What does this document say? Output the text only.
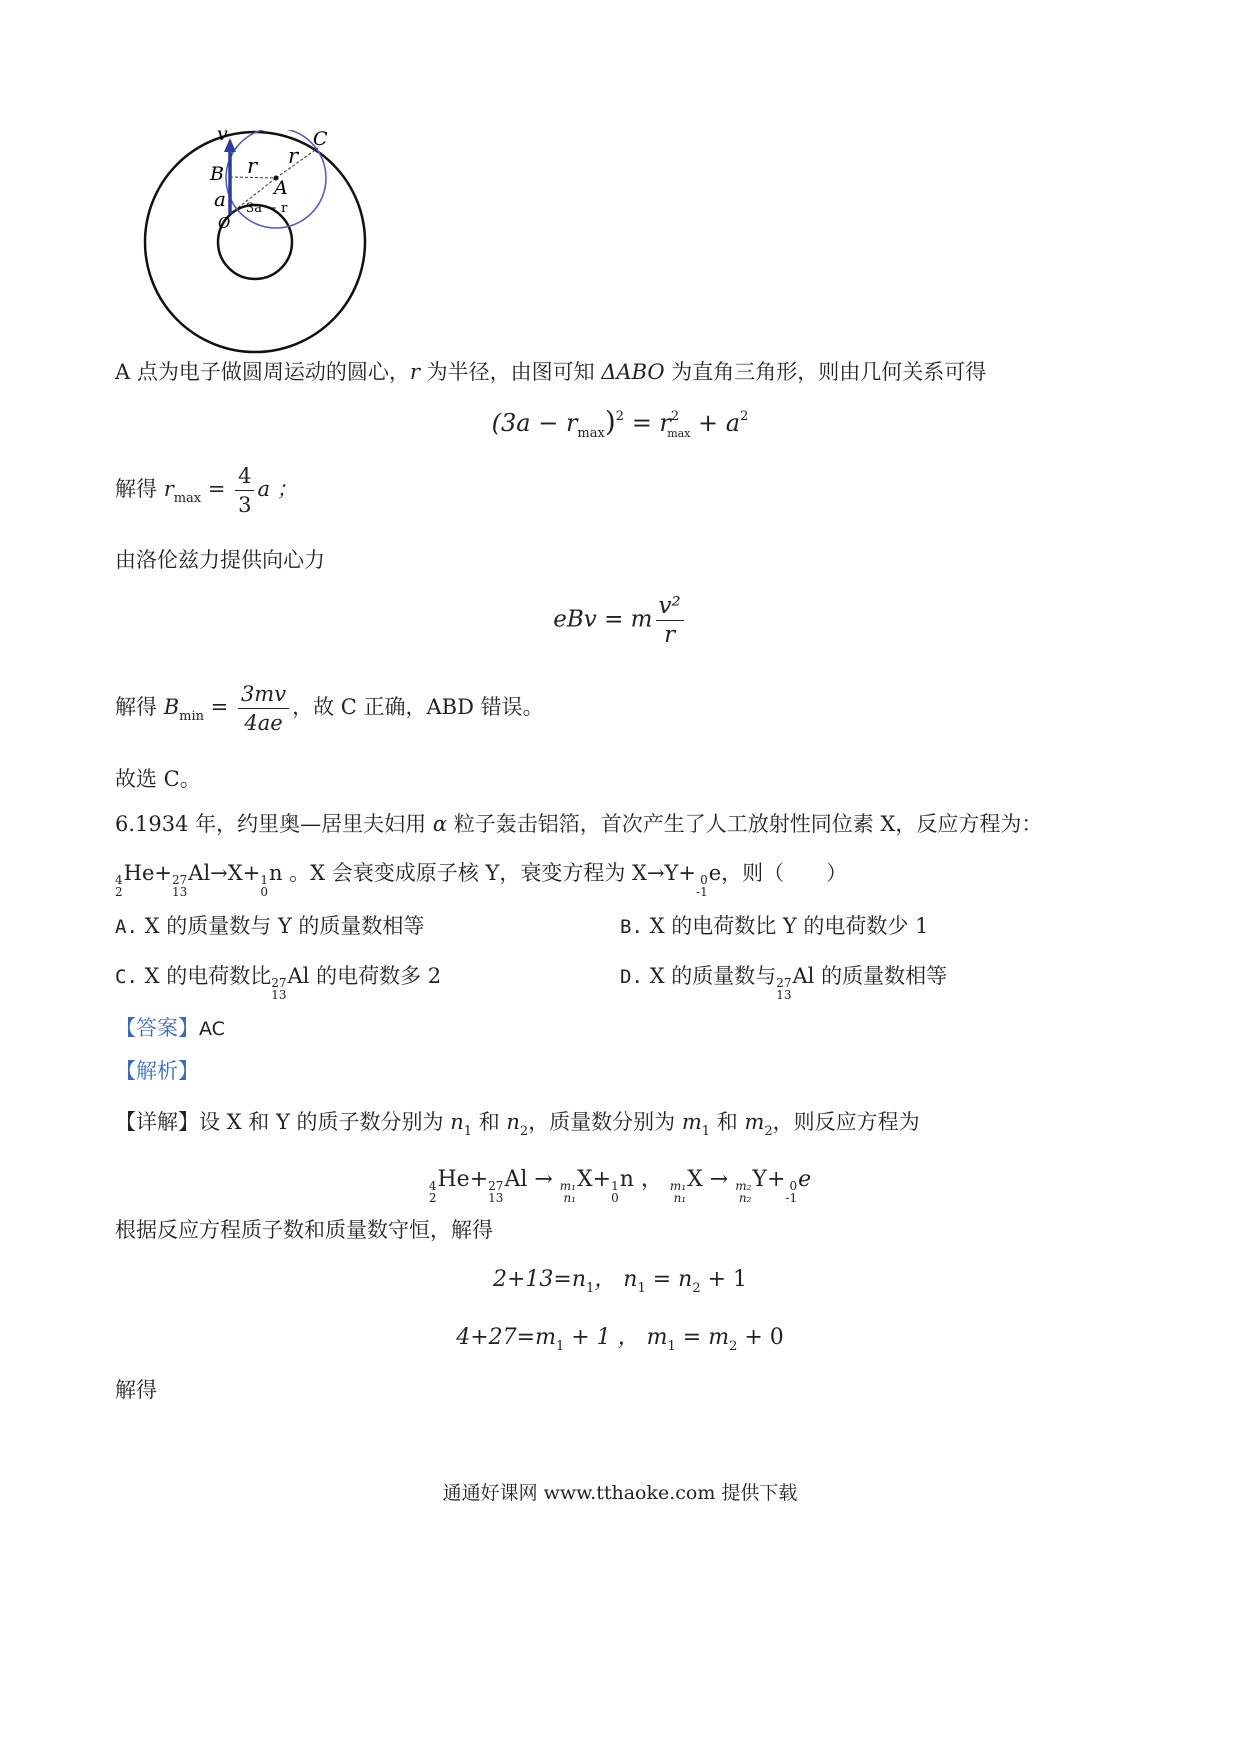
v
B r r
C
A
a
O
3a − r
A 点为电子做圆周运动的圆心，r 为半径，由图可知 ΔABO 为直角三角形，则由几何关系可得
$(3a - r_{max})^2 = r^2_{max} + a^2$
解得 $r_{max} = \frac{4}{3}$ a ；
由洛伦兹力提供向心力
eBv = m $\frac{\text{v²}}{r}$
解得 $B_{min} = \frac{3mv}{4ae}$ ，故 C 正确，ABD 错误。
故选 C。
6.1934 年，约里奥—居里夫妇用 α 粒子轰击铝箔，首次产生了人工放射性同位素 X，反应方程为：
4
2
He+ 27
13
Al→X+ 1
0
n 。X 会衰变成原子核 Y，衰变方程为 X→Y+ 0
-1
e，则（　　）
A. X 的质量数与 Y 的质量数相等	B. X 的电荷数比 Y 的电荷数少 1
C. X 的电荷数比 27
13
Al 的电荷数多 2	D. X 的质量数与 27
13
Al 的质量数相等
【答案】AC
【解析】
【详解】设 X 和 Y 的质子数分别为 $n_1$ 和 $n_2$，质量数分别为 $m_1$ 和 $m_2$，则反应方程为
4
2
He+ 27
13
Al → m₁
n₁
X+ 1
0
n ， m₁
n₁
X → m₂
n₂
Y+ 0
-1
e
根据反应方程质子数和质量数守恒，解得
$2+13=n_1$， $n_1 = n_2 + 1$
$4+27=m_1 + 1$ ， $m_1 = m_2 + 0$
解得
通通好课网 www.tthaoke.com 提供下载
